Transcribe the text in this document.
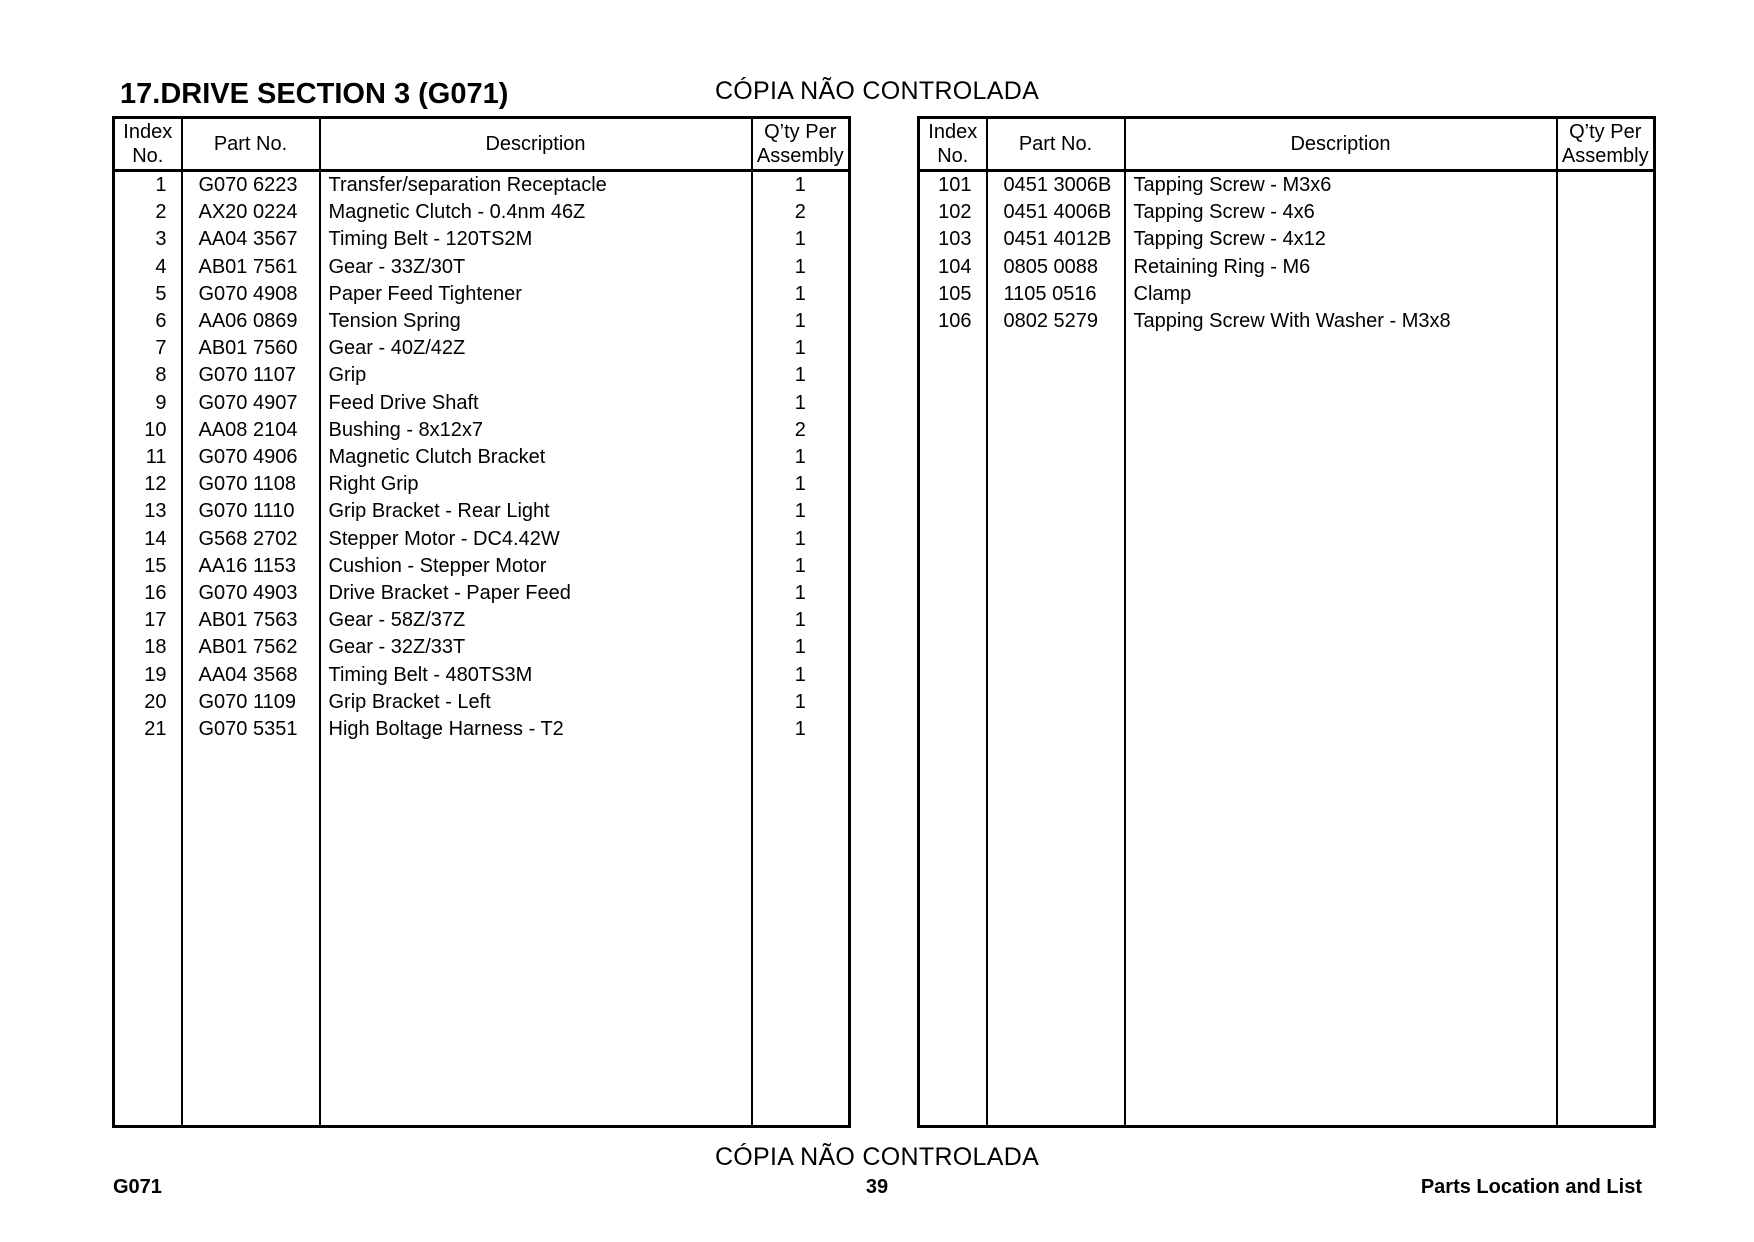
17.DRIVE SECTION 3 (G071)	CÓPIA NÃO CONTROLADA
Index No.	Part No.	Description	Q’ty Per Assembly
1	G070 6223	Transfer/separation Receptacle	1
2	AX20 0224	Magnetic Clutch - 0.4nm 46Z	2
3	AA04 3567	Timing Belt - 120TS2M	1
4	AB01 7561	Gear - 33Z/30T	1
5	G070 4908	Paper Feed Tightener	1
6	AA06 0869	Tension Spring	1
7	AB01 7560	Gear - 40Z/42Z	1
8	G070 1107	Grip	1
9	G070 4907	Feed Drive Shaft	1
10	AA08 2104	Bushing - 8x12x7	2
11	G070 4906	Magnetic Clutch Bracket	1
12	G070 1108	Right Grip	1
13	G070 1110	Grip Bracket - Rear Light	1
14	G568 2702	Stepper Motor - DC4.42W	1
15	AA16 1153	Cushion - Stepper Motor	1
16	G070 4903	Drive Bracket - Paper Feed	1
17	AB01 7563	Gear - 58Z/37Z	1
18	AB01 7562	Gear - 32Z/33T	1
19	AA04 3568	Timing Belt - 480TS3M	1
20	G070 1109	Grip Bracket - Left	1
21	G070 5351	High Boltage Harness - T2	1

Index No.	Part No.	Description	Q’ty Per Assembly
101	0451 3006B	Tapping Screw - M3x6	
102	0451 4006B	Tapping Screw - 4x6	
103	0451 4012B	Tapping Screw - 4x12	
104	0805 0088	Retaining Ring - M6	
105	1105 0516	Clamp	
106	0802 5279	Tapping Screw With Washer - M3x8	

CÓPIA NÃO CONTROLADA
G071	39	Parts Location and List
